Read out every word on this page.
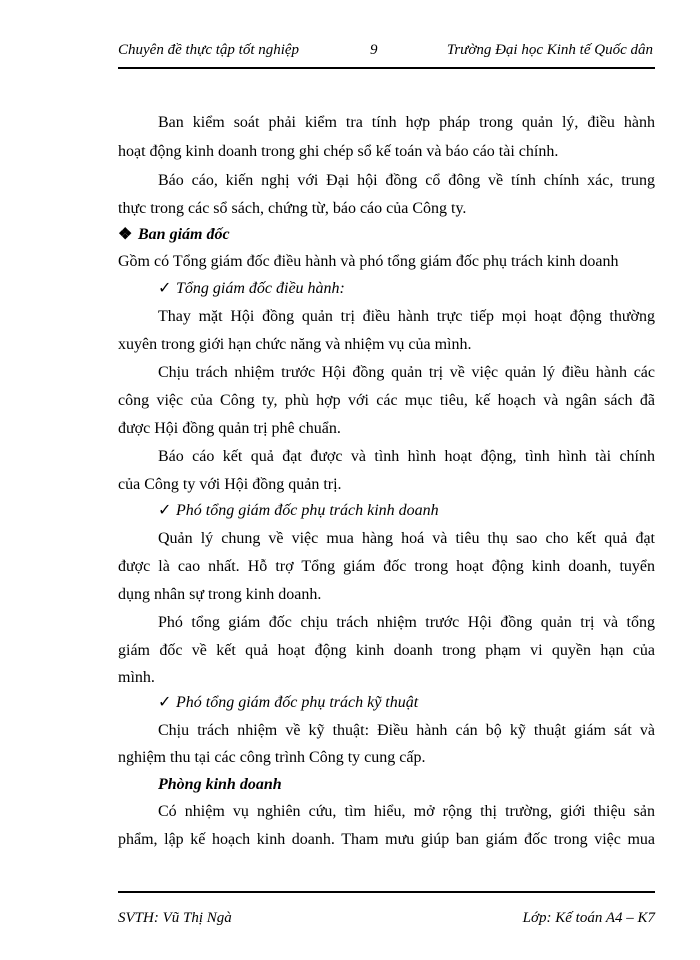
Chuyên đề thực tập tốt nghiệp	9	Trường Đại học Kinh tế Quốc dân
Ban kiểm soát phải kiểm tra tính hợp pháp trong quản lý, điều hành
hoạt động kinh doanh trong ghi chép sổ kế toán và báo cáo tài chính.
Báo cáo, kiến nghị với Đại hội đồng cổ đông về tính chính xác, trung
thực trong các sổ sách, chứng từ, báo cáo của Công ty.
❖ Ban giám đốc
Gồm có Tổng giám đốc điều hành và phó tổng giám đốc phụ trách kinh doanh
✓ Tổng giám đốc điều hành:
Thay mặt Hội đồng quản trị điều hành trực tiếp mọi hoạt động thường
xuyên trong giới hạn chức năng và nhiệm vụ của mình.
Chịu trách nhiệm trước Hội đồng quản trị về việc quản lý điều hành các
công việc của Công ty, phù hợp với các mục tiêu, kế hoạch và ngân sách đã
được Hội đồng quản trị phê chuẩn.
Báo cáo kết quả đạt được và tình hình hoạt động, tình hình tài chính
của Công ty với Hội đồng quản trị.
✓ Phó tổng giám đốc phụ trách kinh doanh
Quản lý chung về việc mua hàng hoá và tiêu thụ sao cho kết quả đạt
được là cao nhất. Hỗ trợ Tổng giám đốc trong hoạt động kinh doanh, tuyển
dụng nhân sự trong kinh doanh.
Phó tổng giám đốc chịu trách nhiệm trước Hội đồng quản trị và tổng
giám đốc về kết quả hoạt động kinh doanh trong phạm vi quyền hạn của
mình.
✓ Phó tổng giám đốc phụ trách kỹ thuật
Chịu trách nhiệm về kỹ thuật: Điều hành cán bộ kỹ thuật giám sát và
nghiệm thu tại các công trình Công ty cung cấp.
Phòng kinh doanh
Có nhiệm vụ nghiên cứu, tìm hiểu, mở rộng thị trường, giới thiệu sản
phẩm, lập kế hoạch kinh doanh. Tham mưu giúp ban giám đốc trong việc mua
SVTH: Vũ Thị Ngà	Lớp: Kế toán A4 – K7
